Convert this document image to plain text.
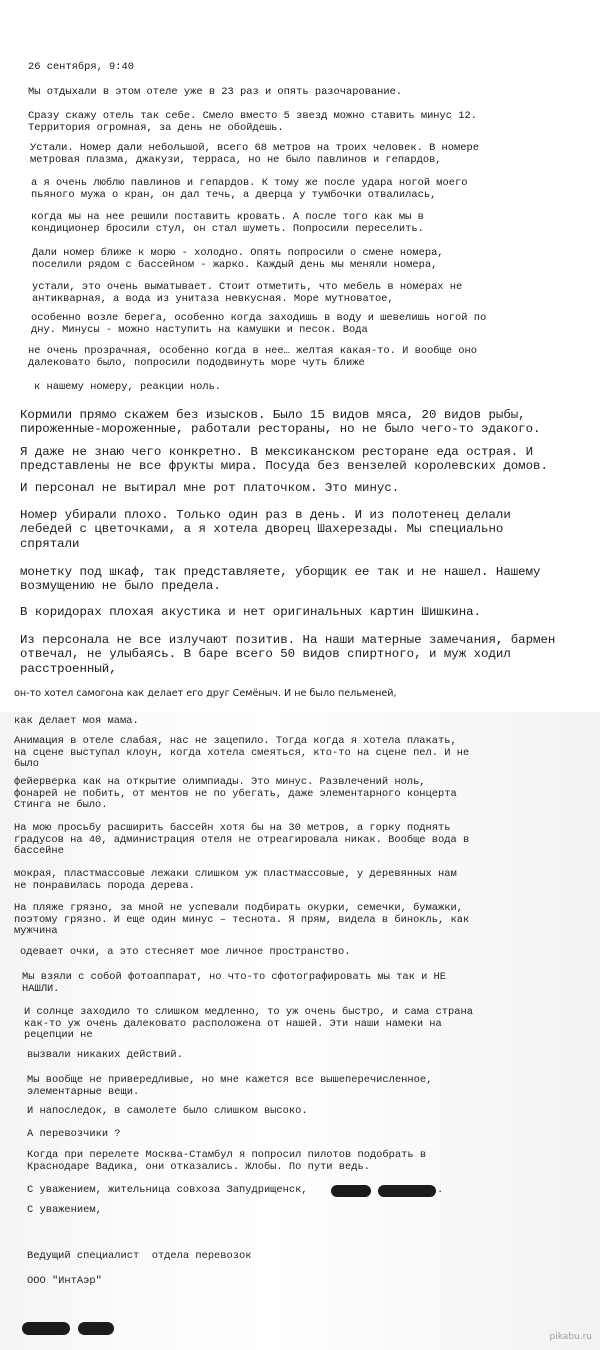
26 сентября, 9:40
Мы отдыхали в этом отеле уже в 23 раз и опять разочарование.
Сразу скажу отель так себе. Смело вместо 5 звезд можно ставить минус 12.
Территория огромная, за день не обойдешь.
Устали. Номер дали небольшой, всего 68 метров на троих человек. В номере
метровая плазма, джакузи, терраса, но не было павлинов и гепардов,
а я очень люблю павлинов и гепардов. К тому же после удара ногой моего
пьяного мужа о кран, он дал течь, а дверца у тумбочки отвалилась,
когда мы на нее решили поставить кровать. А после того как мы в
кондиционер бросили стул, он стал шуметь. Попросили переселить.
Дали номер ближе к морю - холодно. Опять попросили о смене номера,
поселили рядом с бассейном - жарко. Каждый день мы меняли номера,
устали, это очень выматывает. Стоит отметить, что мебель в номерах не
антикварная, а вода из унитаза невкусная. Море мутноватое,
особенно возле берега, особенно когда заходишь в воду и шевелишь ногой по
дну. Минусы - можно наступить на камушки и песок. Вода
не очень прозрачная, особенно когда в нее… желтая какая-то. И вообще оно
далековато было, попросили пододвинуть море чуть ближе
к нашему номеру, реакции ноль.
Кормили прямо скажем без изысков. Было 15 видов мяса, 20 видов рыбы,
пироженные-мороженные, работали рестораны, но не было чего-то эдакого.
Я даже не знаю чего конкретно. В мексиканском ресторане еда острая. И
представлены не все фрукты мира. Посуда без вензелей королевских домов.
И персонал не вытирал мне рот платочком. Это минус.
Номер убирали плохо. Только один раз в день. И из полотенец делали
лебедей с цветочками, а я хотела дворец Шахерезады. Мы специально
спрятали
монетку под шкаф, так представляете, уборщик ее так и не нашел. Нашему
возмущению не было предела.
В коридорах плохая акустика и нет оригинальных картин Шишкина.
Из персонала не все излучают позитив. На наши матерные замечания, бармен
отвечал, не улыбаясь. В баре всего 50 видов спиртного, и муж ходил
расстроенный,
он-то хотел самогона как делает его друг Семёныч. И не было пельменей,
как делает моя мама.
Анимация в отеле слабая, нас не зацепило. Тогда когда я хотела плакать,
на сцене выступал клоун, когда хотела смеяться, кто-то на сцене пел. И не
было
фейерверка как на открытие олимпиады. Это минус. Развлечений ноль,
фонарей не побить, от ментов не по убегать, даже элементарного концерта
Стинга не было.
На мою просьбу расширить бассейн хотя бы на 30 метров, а горку поднять
градусов на 40, администрация отеля не отреагировала никак. Вообще вода в
бассейне
мокрая, пластмассовые лежаки слишком уж пластмассовые, у деревянных нам
не понравилась порода дерева.
На пляже грязно, за мной не успевали подбирать окурки, семечки, бумажки,
поэтому грязно. И еще один минус – теснота. Я прям, видела в бинокль, как
мужчина
одевает очки, а это стесняет мое личное пространство.
Мы взяли с собой фотоаппарат, но что-то сфотографировать мы так и НЕ
НАШЛИ.
И солнце заходило то слишком медленно, то уж очень быстро, и сама страна
как-то уж очень далековато расположена от нашей. Эти наши намеки на
рецепции не
вызвали никаких действий.
Мы вообще не привередливые, но мне кажется все вышеперечисленное,
элементарные вещи.
И напоследок, в самолете было слишком высоко.
А перевозчики ?
Когда при перелете Москва-Стамбул я попросил пилотов подобрать в
Краснодаре Вадика, они отказались. Жлобы. По пути ведь.
С уважением, жительница совхоза Запудрищенск,	.
С уважением,
Ведущий специалист  отдела перевозок
ООО "ИнтАэр"
pikabu.ru
